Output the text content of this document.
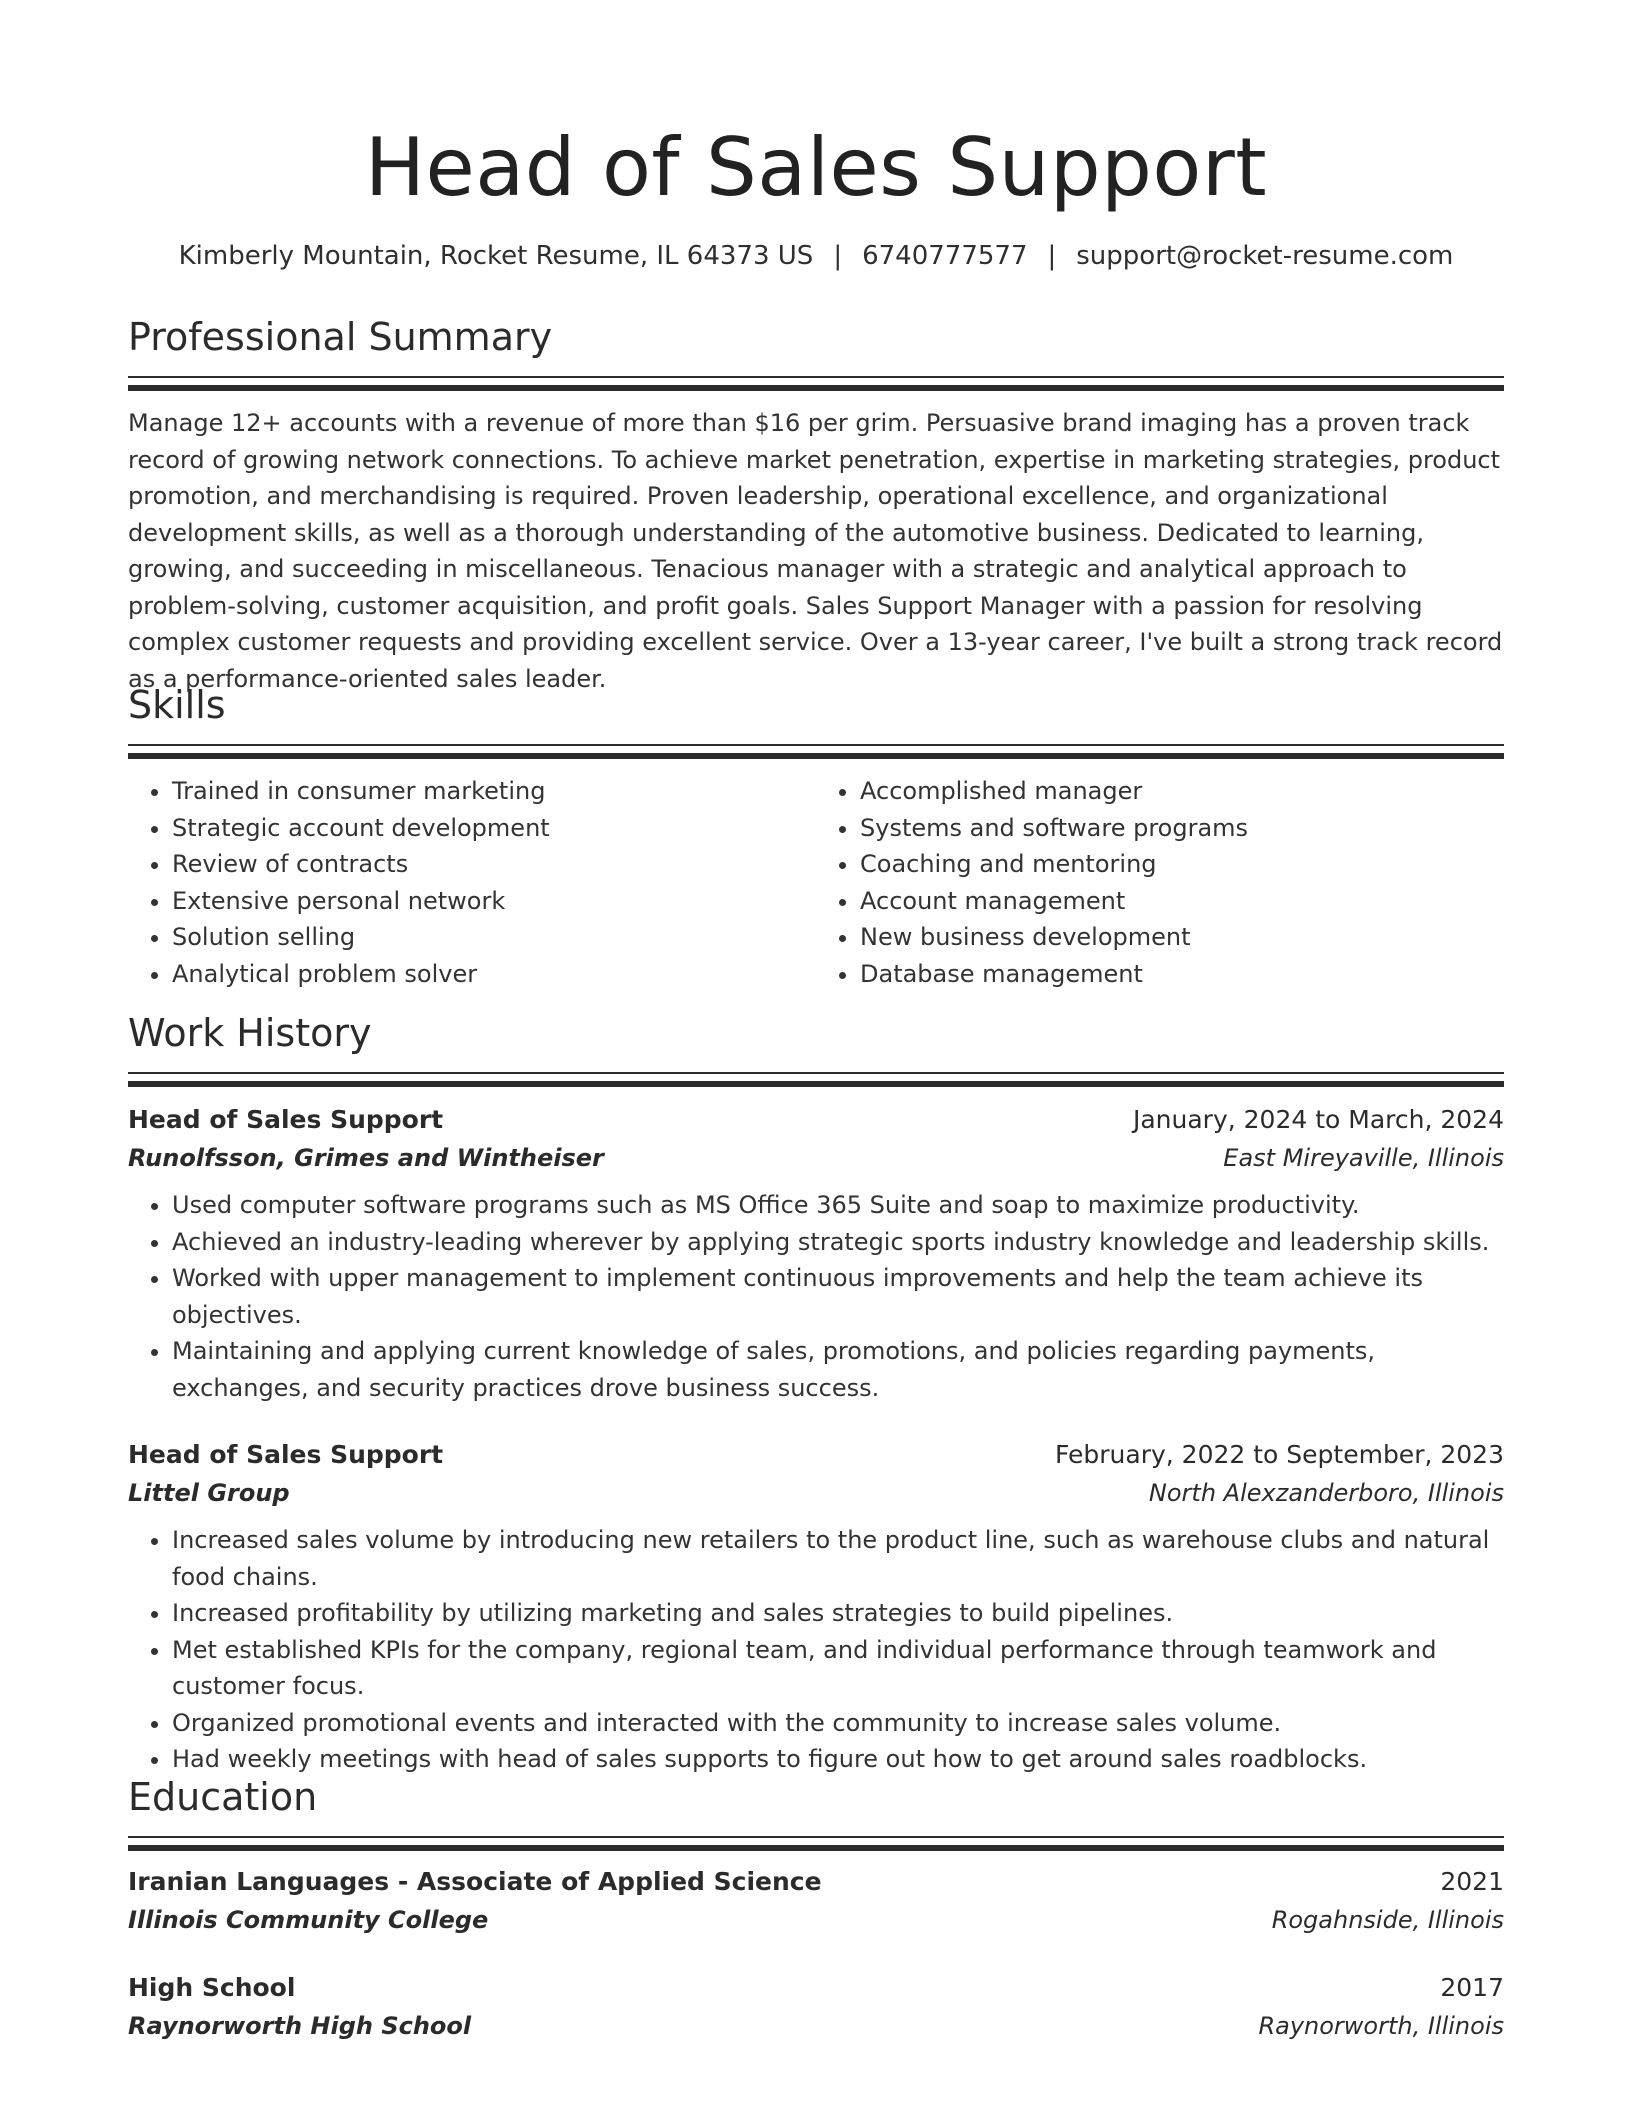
Head of Sales Support
Kimberly Mountain, Rocket Resume, IL 64373 US | 6740777577 | support@rocket-resume.com
Professional Summary
Manage 12+ accounts with a revenue of more than $16 per grim. Persuasive brand imaging has a proven track record of growing network connections. To achieve market penetration, expertise in marketing strategies, product promotion, and merchandising is required. Proven leadership, operational excellence, and organizational development skills, as well as a thorough understanding of the automotive business. Dedicated to learning, growing, and succeeding in miscellaneous. Tenacious manager with a strategic and analytical approach to problem-solving, customer acquisition, and profit goals. Sales Support Manager with a passion for resolving complex customer requests and providing excellent service. Over a 13-year career, I've built a strong track record as a performance-oriented sales leader.
Skills
• Trained in consumer marketing
• Strategic account development
• Review of contracts
• Extensive personal network
• Solution selling
• Analytical problem solver
• Accomplished manager
• Systems and software programs
• Coaching and mentoring
• Account management
• New business development
• Database management
Work History
Head of Sales Support	January, 2024 to March, 2024
Runolfsson, Grimes and Wintheiser	East Mireyaville, Illinois
• Used computer software programs such as MS Office 365 Suite and soap to maximize productivity.
• Achieved an industry-leading wherever by applying strategic sports industry knowledge and leadership skills.
• Worked with upper management to implement continuous improvements and help the team achieve its objectives.
• Maintaining and applying current knowledge of sales, promotions, and policies regarding payments, exchanges, and security practices drove business success.
Head of Sales Support	February, 2022 to September, 2023
Littel Group	North Alexzanderboro, Illinois
• Increased sales volume by introducing new retailers to the product line, such as warehouse clubs and natural food chains.
• Increased profitability by utilizing marketing and sales strategies to build pipelines.
• Met established KPIs for the company, regional team, and individual performance through teamwork and customer focus.
• Organized promotional events and interacted with the community to increase sales volume.
• Had weekly meetings with head of sales supports to figure out how to get around sales roadblocks.
Education
Iranian Languages - Associate of Applied Science	2021
Illinois Community College	Rogahnside, Illinois
High School	2017
Raynorworth High School	Raynorworth, Illinois
